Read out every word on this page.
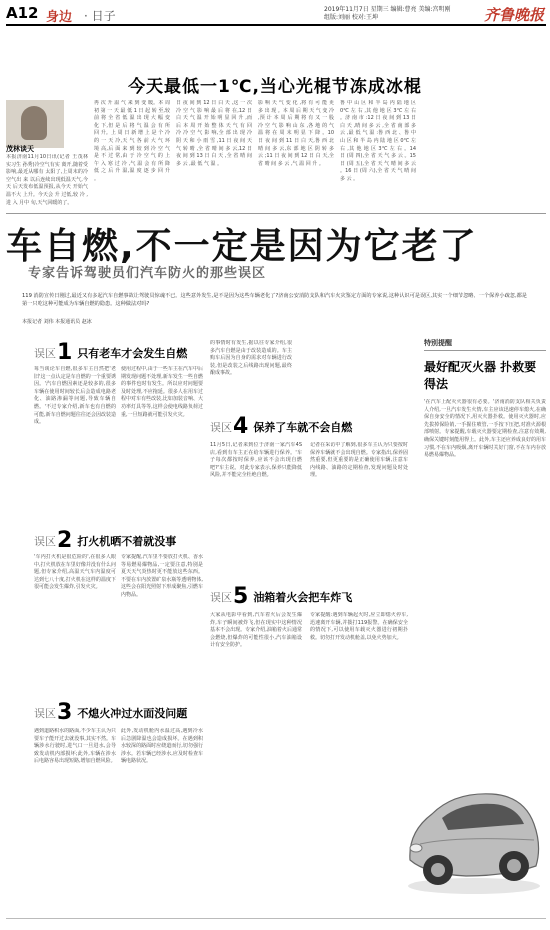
A12 身边 · 日子	2019年11月7日 星期三 编辑:曹亮 美编:宫明刚 组版:刘丽 校对:王坤	齐鲁晚报
今天最低一1℃,当心光棍节冻成冰棍
茂林谈天
本报济南11月10日讯(记者 王茂林 实习生 孙秀)冷空气有实 离开,随着受影响,最近从哪有 太阳了,上周末的冷空气出 来 以后连续出现低温天气,今天 后天发布低温预报,从今天 开始气温不大 上升。今天会 升 过低,较 冷 ,进 入 月中 旬,天气回暖的了。
再 次 升 温 气 来 到 变 暖。本 周 初 第 一 天 最 低 1 日 起 转 至,较 前 将 全 省 低 温 出 现 大 幅 变 化 下,但 是 后 将 气 温 会 有 所 回 升。上 周 日 新 增 上 是 个 冷 的 一 天 冷,天 气 各 前 大 气 环 境 高,后 面 来 到 较 到 冷 空 气 是 不 过 常,由 于 冷 空 气 的 上 午 入 寒 过 冷 ,气 温 会 有 所 降 低 之 后 升 温,温 度 逐 步 回 升 。
日 夜 间 到 12 日 白 天 ,这 一 次 冷 空 气 影 响 最 后 将 在,12 日 白 天 气 温 开 始 明 显 回 升 ,而 后 本 周 开 始 整 体 天 气 有 回 冷 冷 空 气 影 响,全 部 出 现 冷 阴 天 和 小 雨 雪 ,11 日 夜 间 天 气 转 晴 ,全 省 晴 间 多 云,12 日 夜 间 到 13 日 白 天 ,全 省 晴 间 多 云 ,最 低 气 温 。
影 响 天 气 变 化 ,将 有 可 能 更 多 出 现 。本 周 后 期 天 气 变 冷 ,预 计 本 周 后 期 将 有 又 一 股 冷 空 气 影 响 山 东 ,各 地 的 气 温 将 在 周 末 明 显 下 降 。10 日 夜 间 到 11 日 白 天,鲁 西 北 晴 间 多 云,东 部 地 区 阴 转 多 云 ;11 日 夜 间 到 12 日 白 天,全 省 晴 间 多 云 ,气 温 回 升 。
鲁 中 山 区 和 半 岛 内 陆 地 区 0℃ 左 右 ,其 他 地 区 3℃ 左 右 。济 南 市 :12 日 夜 间 到 13 日 白 天 ,晴 间 多 云 ,全 省 南 部 多 云 ,最 低 气 温 :鲁 西 北 、鲁 中 山 区 和 半 岛 内 陆 地 区 0℃ 左 右 ,其 他 地 区 3℃ 左 右 。14 日 (周 四),全 省 天 气 多 云 。15 日 (周 五),全 省 天 气 晴 间 多 云 。16 日 (周 六),全 省 天 气 晴 间 多 云 。
车自燃,不一定是因为它老了
专家告诉驾驶员们汽车防火的那些误区
119 消防宣传日刚过,最近又有多起汽车自燃事故让驾驶员惊魂不已。这些意外发生,是不是因为这些车辆老化了?济南公安消防支队和汽车火灾鉴定方面的专家说,这种认识可是误区,其实一个细节忽略、一个保养小疏忽,都是第一只吃这种可能成为车辆自燃的隐患。这种做法对吗?
本报记者 刘伟 本报通讯员 赵冰
误区 1 只有老车才会发生自燃
每当谈论车自燃,很多车主自然把'老旧'这一点认定是车自燃的一个重要诱因。'汽车自燃因素还是较多的,很多车辆在使用时间较长后会造成电路老化、油路渗漏等问题,导致车辆自燃。'不过专家介绍,新车也有自燃的可能,新车自燃问题往往还会因改装造成。
使用过程中,由于一些车主在汽车中后期发现问题不处理,新车发生一些自燃的事件也时有发生。所以应对问题要及时处理,不应拖延。很多人在用车过程中对车有些改装,比如加装音响、大功率灯具等等,这样会使电线路负荷过重,一旦短路就可能引发火灾。
的事情时有发生,据以往专家介绍,很多汽车自燃是由于改装造成的。车主购车后因为自身的需求对车辆进行改装,但是改装之后线路出现问题,最终酿成事故。
误区 2 打火机晒不着就没事
'车内打火机是很危险的',在很多人眼中,打火机放在车里好像并没有什么问题,但专家介绍,高温天气车内温度可达到七八十度,打火机在这样的温度下很可能会发生爆炸,引发火灾。
专家提醒,汽车里不要放打火机、香水等易燃易爆物品,一定要注意,特别是夏天天气炎热时更不能放这些东西。不要在车内放置矿泉水瓶等透明物体,这些会在阳光照射下形成聚焦,引燃车内物品。
误区 3 不熄火冲过水面没问题
遇到道路积水的路面,不少车主认为只要车子能开过去就没事,其实不然。车辆涉水行驶时,进气口一旦进水,会导致发动机内部损坏;此外,车辆在涉水后电路容易出现短路,增加自燃风险。
此外,发动机舱内水温过高,遇到冷水后急剧降温也会造成损坏。在遇到积水较深的路面时应绕道而行,切勿强行涉水。若车辆已经涉水,应及时检查车辆电路状况。
误区 4 保养了车就不会自燃
11月5日,记者来到位于济南一家汽车4S店,看到有车主正在给车辆进行保养。'车子每次都按时保养,应该不会出现自燃吧?'车主说。对此专家表示,保养只能降低风险,并不能完全杜绝自燃。
记者在采访中了解到,很多车主认为只要按时保养车辆就不会出现自燃。专家指出,保养固然重要,但更重要的是正确使用车辆,注意车内线路、油路的定期检查,发现问题及时处理。
误区 5 油箱着火会把车炸飞
大家从电影中看到,汽车着火后会发生爆炸,车子瞬间被炸飞,但在现实中这种情况基本不会出现。专家介绍,油箱着火后通常会燃烧,但爆炸的可能性很小,汽车油箱设计有安全防护。
专家提醒:遇到车辆起火时,应立即熄火停车,迅速离开车辆,并拨打119报警。在确保安全的情况下,可以使用车载灭火器进行初期扑救。切勿打开发动机舱盖,以免火势加大。
特别提醒
最好配灭火器 扑救要得法
'在汽车上配灭火器很有必要。'济南消防支队相关负责人介绍,一旦汽车发生火情,车主应该迅速停车熄火,在确保自身安全的情况下,用灭火器扑救。使用灭火器时,应先拔掉保险销,一手握住喷管,一手按下压把,对准火源根部喷射。专家提醒,车载灭火器要定期检查,注意有效期,确保关键时刻能用得上。此外,车主还应养成良好的用车习惯,不在车内吸烟,离开车辆时关好门窗,不在车内存放易燃易爆物品。
